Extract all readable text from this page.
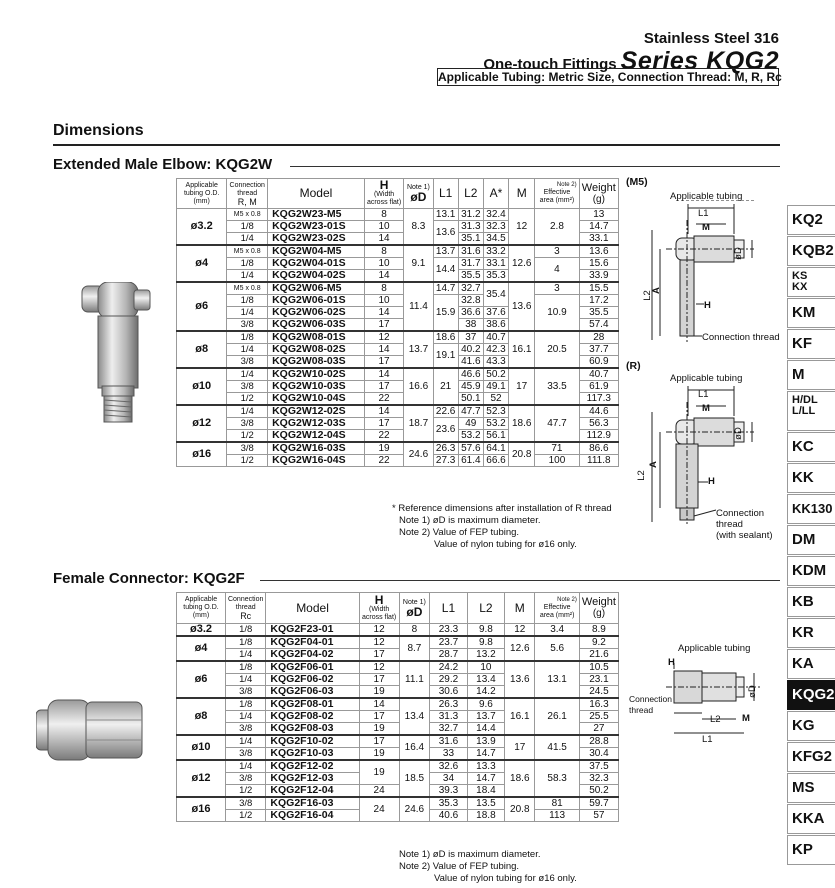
Stainless Steel 316
One-touch Fittings Series KQG2
Applicable Tubing: Metric Size, Connection Thread: M, R, Rc
Dimensions
Extended Male Elbow: KQG2W
Applicable
tubing O.D.
(mm)	Connection
thread
R, M	Model	H
(Width
across flat)	Note 1)
øD	L1	L2	A*	M	Note 2)
Effective
area (mm²)	Weight
(g)

ø3.2	M5 x 0.8	KQG2W23-M5	8	8.3	13.1	31.2	32.4	12	2.8	13
	1/8	KQG2W23-01S	10		13.6	31.3	32.3			14.7
	1/4	KQG2W23-02S	14			35.1	34.5			33.1
ø4	M5 x 0.8	KQG2W04-M5	8	9.1	13.7	31.6	33.2	12.6	3	13.6
	1/8	KQG2W04-01S	10		14.4	31.7	33.1		4	15.6
	1/4	KQG2W04-02S	14			35.5	35.3			33.9
ø6	M5 x 0.8	KQG2W06-M5	8	11.4	14.7	32.7	35.4	13.6	3	15.5
	1/8	KQG2W06-01S	10		15.9	32.8			10.9	17.2
	1/4	KQG2W06-02S	14			36.6	37.6			35.5
	3/8	KQG2W06-03S	17			38	38.6			57.4
ø8	1/8	KQG2W08-01S	12	13.7	18.6	37	40.7	16.1	20.5	28
	1/4	KQG2W08-02S	14		19.1	40.2	42.3			37.7
	3/8	KQG2W08-03S	17			41.6	43.3			60.9
ø10	1/4	KQG2W10-02S	14	16.6	21	46.6	50.2	17	33.5	40.7
	3/8	KQG2W10-03S	17			45.9	49.1			61.9
	1/2	KQG2W10-04S	22			50.1	52			117.3
ø12	1/4	KQG2W12-02S	14	18.7	22.6	47.7	52.3	18.6	47.7	44.6
	3/8	KQG2W12-03S	17		23.6	49	53.2			56.3
	1/2	KQG2W12-04S	22			53.2	56.1			112.9
ø16	3/8	KQG2W16-03S	19	24.6	26.3	57.6	64.1	20.8	71	86.6
	1/2	KQG2W16-04S	22		27.3	61.4	66.6		100	111.8
* Reference dimensions after installation of R thread
Note 1) øD is maximum diameter.
Note 2) Value of FEP tubing.
Value of nylon tubing for ø16 only.
Female Connector: KQG2F
Applicable
tubing O.D.
(mm)	Connection
thread
Rc	Model	H
(Width
across flat)	Note 1)
øD	L1	L2	M	Note 2)
Effective
area (mm²)	Weight
(g)

ø3.2	1/8	KQG2F23-01	12	8	23.3	9.8	12	3.4	8.9
ø4	1/8	KQG2F04-01	12	8.7	23.7	9.8	12.6	5.6	9.2
	1/4	KQG2F04-02	17		28.7	13.2			21.6
ø6	1/8	KQG2F06-01	12	11.1	24.2	10	13.6	13.1	10.5
	1/4	KQG2F06-02	17		29.2	13.4			23.1
	3/8	KQG2F06-03	19		30.6	14.2			24.5
ø8	1/8	KQG2F08-01	14	13.4	26.3	9.6	16.1	26.1	16.3
	1/4	KQG2F08-02	17		31.3	13.7			25.5
	3/8	KQG2F08-03	19		32.7	14.4			27
ø10	1/4	KQG2F10-02	17	16.4	31.6	13.9	17	41.5	28.8
	3/8	KQG2F10-03	19		33	14.7			30.4
ø12	1/4	KQG2F12-02	19	18.5	32.6	13.3	18.6	58.3	37.5
	3/8	KQG2F12-03			34	14.7			32.3
	1/2	KQG2F12-04	24		39.3	18.4			50.2
ø16	3/8	KQG2F16-03	24	24.6	35.3	13.5	20.8	81	59.7
	1/2	KQG2F16-04			40.6	18.8		113	57
Note 1) øD is maximum diameter.
Note 2) Value of FEP tubing.
Value of nylon tubing for ø16 only.
(M5)
Applicable tubing
L1
M
øD
A
L2
H
Connection thread
(R)
Applicable tubing
L1
M
øD
A
L2
H
Connection
thread
(with sealant)
Applicable tubing
H
Connection
thread
øD
L2 M
L1
KQ2
KQB2
KS
KX
KM
KF
M
H/DL
L/LL
KC
KK
KK130
DM
KDM
KB
KR
KA
KQG2
KG
KFG2
MS
KKA
KP
